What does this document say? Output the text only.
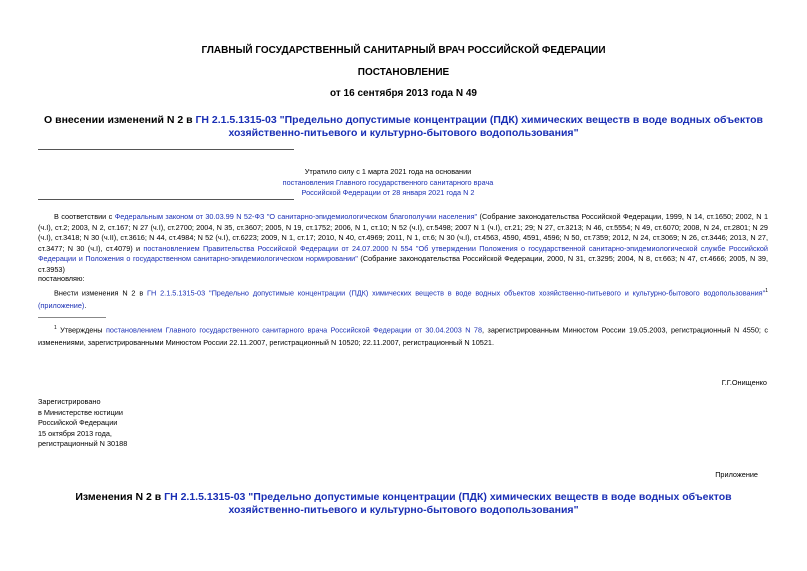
ГЛАВНЫЙ ГОСУДАРСТВЕННЫЙ САНИТАРНЫЙ ВРАЧ РОССИЙСКОЙ ФЕДЕРАЦИИ
ПОСТАНОВЛЕНИЕ
от 16 сентября 2013 года N 49
О внесении изменений N 2 в ГН 2.1.5.1315-03 "Предельно допустимые концентрации (ПДК) химических веществ в воде водных объектов хозяйственно-питьевого и культурно-бытового водопользования"

Утратило силу с 1 марта 2021 года на основании

постановления Главного государственного санитарного врача

Российской Федерации от 28 января 2021 года N 2

В соответствии с Федеральным законом от 30.03.99 N 52-ФЗ "О санитарно-эпидемиологическом благополучии населения" (Собрание законодательства Российской Федерации, 1999, N 14, ст.1650; 2002, N 1 (ч.I), ст.2; 2003, N 2, ст.167; N 27 (ч.I), ст.2700; 2004, N 35, ст.3607; 2005, N 19, ст.1752; 2006, N 1, ст.10; N 52 (ч.I), ст.5498; 2007 N 1 (ч.I), ст.21; 29; N 27, ст.3213; N 46, ст.5554; N 49, ст.6070; 2008, N 24, ст.2801; N 29 (ч.I), ст.3418; N 30 (ч.II), ст.3616; N 44, ст.4984; N 52 (ч.I), ст.6223; 2009, N 1, ст.17; 2010, N 40, ст.4969; 2011, N 1, ст.6; N 30 (ч.I), ст.4563, 4590, 4591, 4596; N 50, ст.7359; 2012, N 24, ст.3069; N 26, ст.3446; 2013, N 27, ст.3477; N 30 (ч.I), ст.4079) и постановлением Правительства Российской Федерации от 24.07.2000 N 554 "Об утверждении Положения о государственной санитарно-эпидемиологической службе Российской Федерации и Положения о государственном санитарно-эпидемиологическом нормировании" (Собрание законодательства Российской Федерации, 2000, N 31, ст.3295; 2004, N 8, ст.663; N 47, ст.4666; 2005, N 39, ст.3953)
постановляю:
Внести изменения N 2 в ГН 2.1.5.1315-03 "Предельно допустимые концентрации (ПДК) химических веществ в воде водных объектов хозяйственно-питьевого и культурно-бытового водопользования"$^1$ (приложение).
$^1$ Утверждены постановлением Главного государственного санитарного врача Российской Федерации от 30.04.2003 N 78, зарегистрированным Минюстом России 19.05.2003, регистрационный N 4550; с изменениями, зарегистрированными Минюстом России 22.11.2007, регистрационный N 10520; 22.11.2007, регистрационный N 10521.
Г.Г.Онищенко

Зарегистрировано

в Министерстве юстиции

Российской Федерации

15 октября 2013 года,

регистрационный N 30188

Приложение
Изменения N 2 в ГН 2.1.5.1315-03 "Предельно допустимые концентрации (ПДК) химических веществ в воде водных объектов хозяйственно-питьевого и культурно-бытового водопользования"
